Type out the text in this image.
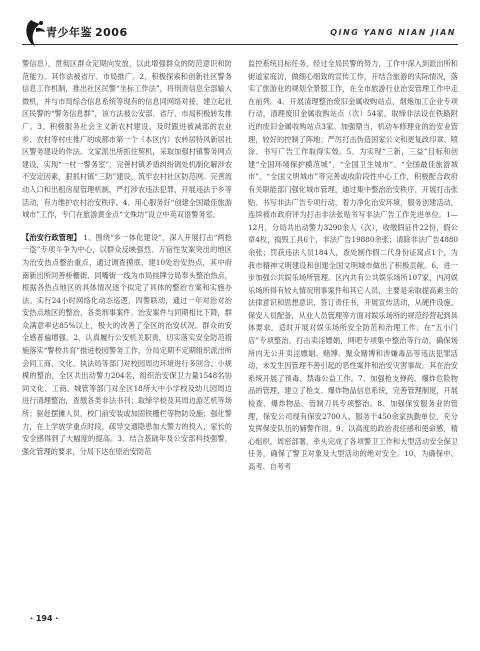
青少年鉴 2006	QING YANG NIAN JIAN

警信息），贯彻区群众定期向发放，以此增强群众的防范意识和防范能力。其作法被省厅、市局推广。2、积极探索和创新社区警务信息工作机制，推出社区民警“坐标工作法”，将刑责信息全部输入微机，并与市局综合信息系统等现有的信息同网络对接，建立起社区民警的“警务信息群”，该方法被公安部、省厅、市局积极转发推广。3、积极服务社会主义新农村建设。及时跟进被减部的农业乡、农村等村庄推广的成都市第一个（本区内）农转居特风新居社区警务建设的作法。文家派出所抓住契机，采取加强村镇警务网点建设，实现“一村一警务室”，完善村镇矛盾纠纷调处机制化解涉农不安定因素，狠抓村镇“三防”建设，筑牢农村社区防范网。完善流动人口和出租房屋管理机制，严打涉农违法犯罪，开展违法于乡等活动，有力维护农村治安秩序。4、用心服务好“创建全国最佳旅游城市”工作，专门在旅游黄金点“文殊坊”设立中英双语警务室。

【治安行政管理】 1、围绕“乡一体化建设”，深入开展打击“两抢一盗”专项斗争为中心，以群众反映强烈、万宿性发案突出的地区为治安热点整治重点，通过调查摸底，建10处治安热点，其中府南新出所同善桥栅街、同嘴街一线为市局挂牌分局奉头整治热点，根据各热点地区的具体情况逐个拟定了具体的整治方案和实施办法。实行24小时网络化动态巡逻，四警联动，通过一年对治对治安热点地区的整治，各类刑事案件、治安案件与同期相比下降，群众满意率达85%以上，极大的改善了全区的治安状况。群众的安全感普遍增强。2、认真履行公安机关职责，切实落实安全防范措施落实“警校共育”推进校园警务工作，分局定期不定期组织派出所会同工商、文化、执法局等部门对校园周边环境进行多回合、小规模的整治，全区共出动警力204名，组织治安保卫力量1548名协同文化、工商、城管等部门对全区18所大中小学校及幼儿园周边进行清理整治，查缴各类非法书刊；取缔学校及其周边游艺机等场所；驱赶摆摊人员，校门前安装或加固铁栅栏等物防设施；强化警力，在上学放学重点时段，疏导交通隐患加大警力的投入，家长的安全感得到了大幅度的提高。3、结合基础年及公安部科技强警，强化管理的要求，分局下达在原治安防范

监控系统目标任务，经过全局民警的努力，工作中深入到派出所和街道家庭访，做细心细致的宣传工作，开结合旅游的实际情况，落实了旅游业的规划全景服工作，在全市旅游行业治安管理工作中走在前列。4、开展清理整治废旧金属收购站点，烟炮加工企业专项行动，清理废旧金属收购站点（次）54家，取缔非法设在铁路附近的废旧金属收购站点3家。加强鼎当，机动车修理业的治安业管理，较好的控制了阵地；严厉打击伪造国家公文和更复政印章、喷涂、书写广告工作取得实效。5、为实现“三新，三益”目标和创建“全国环境保护模范城”、“全国卫生城市”、“全国最佳旅游城市”、“全国文明城市”等完善或收阶段性中心工作，积极配合政府有关职能部门强化城市管理，通过集中整治治安秩序，开展打击张贴、书写非法广告专项行动，着力净化治安环境，服务创建活动，连续被市政府评为打击非法张贴书写非法广告工作先进单位。1—12月，分局共出动警力3290余人（次），收缴假证件22份，假公章4枚，捣毁工具6个，非法广告19880余张；清除非法广告4880余张；罚获违法人员184人，查处制作假二代身份证窝点1个，为我市精神文明建设和创建全国文明城市做出了积极贡献。6、进一步加强公共娱乐场所管理。区内共有公共娱乐场所107家，内河娱乐场所得有较大情况刑事案件和其它人员，主要是采取提高素主的法律意识和思想意识，签订责任书，开展宣传活动，从硬件设施、保安人员配备，从业人员管理等方面对娱乐场所的规范经营起到具体要求，适时开展对娱乐场所安全防范和治理工作；在“五小门店”专项整治，打击卖淫嫖娼，网吧专项集中整治等行动，确保场所内无公开卖淫嫖娼、赌博、聚众赌博和涉嫌毒品等违法犯罪活动，未发生因管理不善引起的恶性案件和治安灾害事故。其在治安系统开展了预毒、禁毒公益工作。7、加强枪支弹药、爆炸危险物品的管理，建立了枪支、爆炸物品信息系统，完善管理制度，开展检查、爆炸物品、管制刀具专项整治。8、加强保安服务业的管理，保安公司现有保安2700人，服务于450余家执勤单位，充分发挥保安队伍的辅警作用。9、以高度的政治责任感和使命感，精心组织，周密部署，牵头完成了各项警卫工作和大型活动安全保卫任务，确保了警卫对象及大型活动的绝对安全。10、为确保中、高考、自考考

· 194 ·
